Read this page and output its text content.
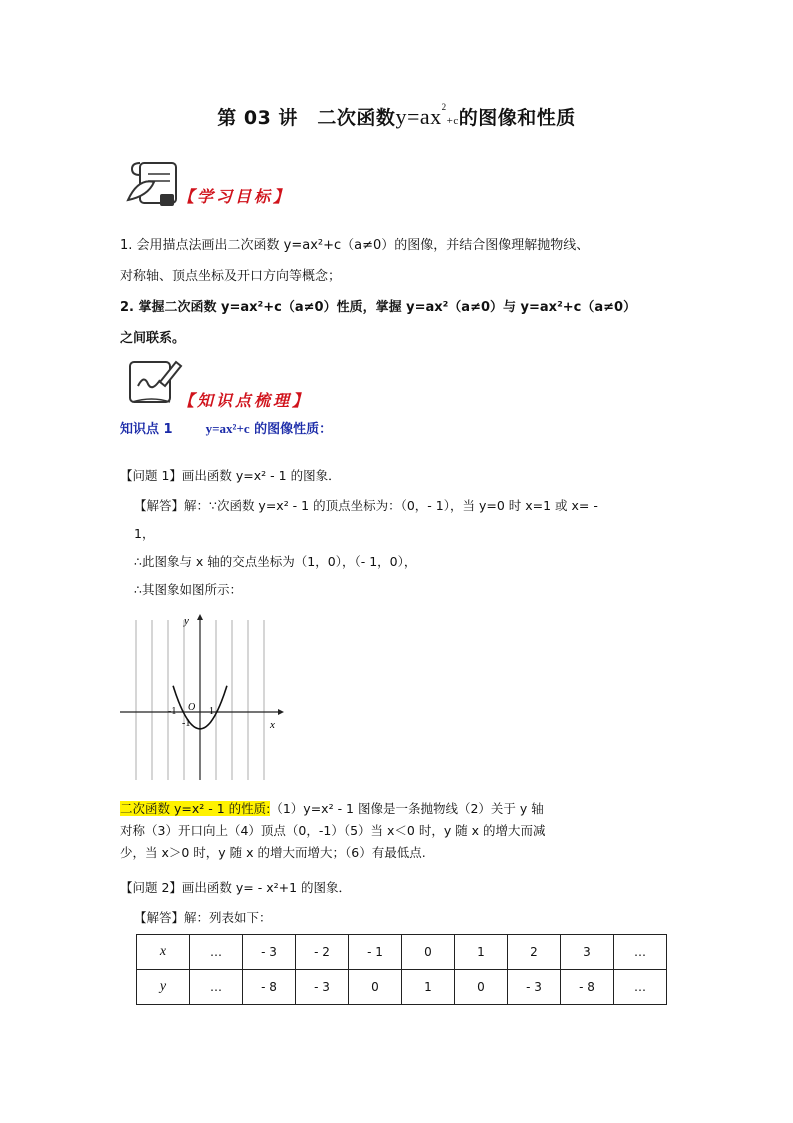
第 03 讲　二次函数$y=ax^2+c$的图像和性质
【学习目标】
1. 会用描点法画出二次函数 y=ax²+c（a≠0）的图像，并结合图像理解抛物线、
对称轴、顶点坐标及开口方向等概念；
2. 掌握二次函数 y=ax²+c（a≠0）性质，掌握 y=ax²（a≠0）与 y=ax²+c（a≠0）
之间联系。
【知识点梳理】
知识点 1	y=ax²+c 的图像性质：
【问题 1】画出函数 y=x² - 1 的图象．
【解答】解：∵次函数 y=x² - 1 的顶点坐标为：（0，- 1），当 y=0 时 x=1 或 x= -
1，
∴此图象与 x 轴的交点坐标为（1，0），（- 1，0），
∴其图象如图所示：
x
y
O
-1	1
-1
二次函数 y=x² - 1 的性质:（1）y=x² - 1 图像是一条抛物线（2）关于 y 轴
对称（3）开口向上（4）顶点（0，-1）（5）当 x＜0 时，y 随 x 的增大而减
少，当 x＞0 时，y 随 x 的增大而增大；（6）有最低点.
【问题 2】画出函数 y= - x²+1 的图象．
【解答】解：列表如下：
x	…	- 3	- 2	- 1	0	1	2	3	…
y	…	- 8	- 3	0	1	0	- 3	- 8	…
